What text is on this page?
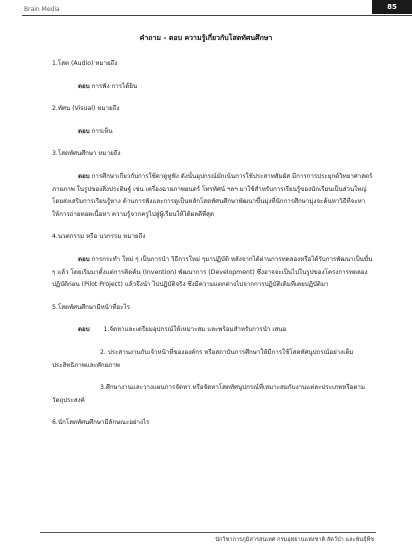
Brain Media	85
คำถาม - ตอบ ความรู้เกี่ยวกับโสตทัศนศึกษา
1.โสต (Audio) หมายถึง
ตอบ การฟัง การได้ยิน
2.ทัศน (Visual) หมายถึง
ตอบ การเห็น
3.โสตทัศนศึกษา หมายถึง
ตอบ การศึกษาเกี่ยวกับการใช้ตาดูหูฟัง ดังนั้นอุปกรณ์มักเน้นการใช้ประสาทสัมผัส มีการการประยุกต์วิทยาศาสตร์ภายภาพ ในรูปของสิ่งประดิษฐ์ เช่น เครื่องฉายภาพยนตร์ โทรทัศน์ ฯลฯ มาใช้สำหรับการเรียนรู้ของนักเรียนเป็นส่วนใหญ่ โดยส่งเสริมการเรียนรู้ทาง ด้านการฟังและการดูเป็นหลักโสตทัศนศึกษาพัฒนาขึ้นมุ่งที่นักการศึกษามุ่งจะค้นหาวิธีที่จะหา ให้การถ่ายทอดเนื้อหา ความรู้จากครูไปสู่ผู้เรียนให้ได้ผลดีที่สุด
4.นวตกรรม หรือ นวกรรม หมายถึง
ตอบ การกระทำ ใหม่ ๆ เป็นการนำ วิธีการใหม่ ๆมาปฏิบัติ หลังจากได้ผ่านการทดลองหรือได้รับการพัฒนาเป็นขั้น ๆ แล้ว โดยเริ่มมาตั้งแต่การคิดค้น (Invention) พัฒนาการ (Development) ซึ่งอาจจะเป็นไปในรูปของโครงการทดลองปฏิบัติก่อน (Pilot Project) แล้วจึงนำ ไปปฏิบัติจริง ซึ่งมีความแตกต่างไปจากการปฏิบัติเดิมที่เคยปฏิบัติมา
5.โสตทัศนศึกษามีหน้าที่อะไร
ตอบ 1.จัดหาและเตรียมอุปกรณ์ให้เหมาะสม และพร้อมสำหรับการนำ เสนอ
2. ประสานงานกับเจ้าหน้าที่ขององค์กร หรือสถาบันการศึกษาให้มีการใช้โสตทัศนูปกรณ์อย่างเต็มประสิทธิภาพและศักยภาพ
3.ศึกษางานและวางแผนการจัดหา หรือจัดหาโสตทัศนูปกรณ์ที่เหมาะสมกับงานแต่ละประเภทหรือตามวัตถุประสงค์
6.นักโสตทัศนศึกษามีลักษณะอย่างไร
นักวิชาการภูมิสารสนเทศ กรมอุทยานแห่งชาติ สัตว์ป่า และพันธุ์พืช
